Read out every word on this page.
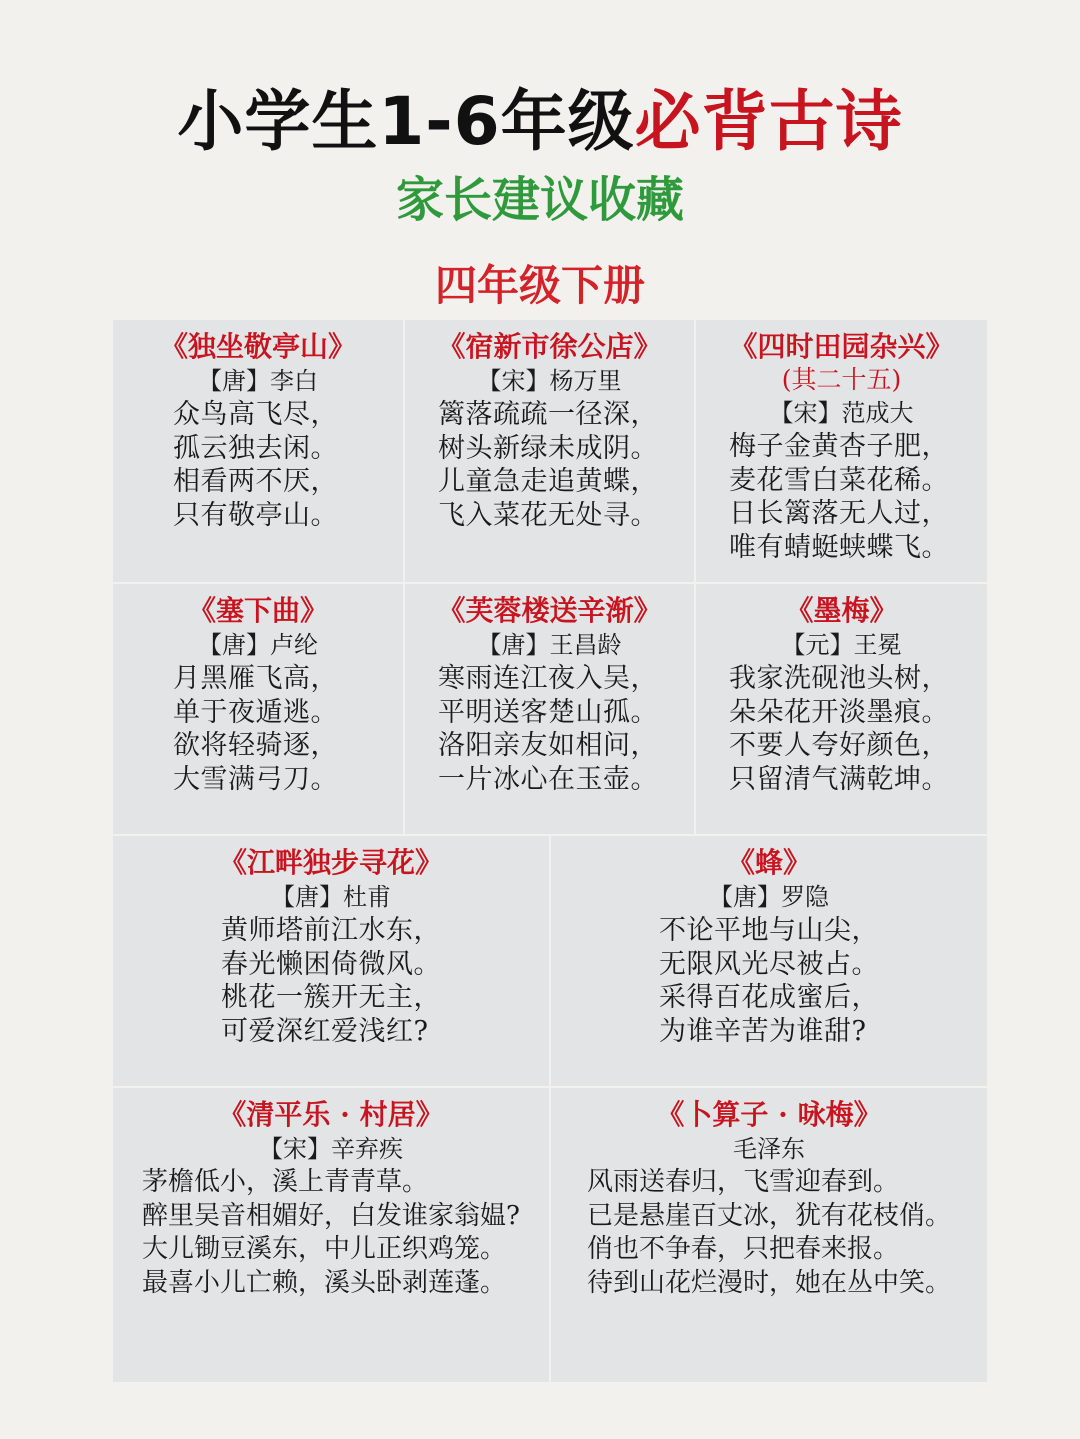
小学生1-6年级必背古诗
家长建议收藏
四年级下册
《独坐敬亭山》
【唐】李白
众鸟高飞尽，
孤云独去闲。
相看两不厌，
只有敬亭山。
《宿新市徐公店》
【宋】杨万里
篱落疏疏一径深，
树头新绿未成阴。
儿童急走追黄蝶，
飞入菜花无处寻。
《四时田园杂兴》
(其二十五)
【宋】范成大
梅子金黄杏子肥，
麦花雪白菜花稀。
日长篱落无人过，
唯有蜻蜓蛱蝶飞。
《塞下曲》
【唐】卢纶
月黑雁飞高，
单于夜遁逃。
欲将轻骑逐，
大雪满弓刀。
《芙蓉楼送辛渐》
【唐】王昌龄
寒雨连江夜入吴，
平明送客楚山孤。
洛阳亲友如相问，
一片冰心在玉壶。
《墨梅》
【元】王冕
我家洗砚池头树，
朵朵花开淡墨痕。
不要人夸好颜色，
只留清气满乾坤。
《江畔独步寻花》
【唐】杜甫
黄师塔前江水东，
春光懒困倚微风。
桃花一簇开无主，
可爱深红爱浅红?
《蜂》
【唐】罗隐
不论平地与山尖，
无限风光尽被占。
采得百花成蜜后，
为谁辛苦为谁甜?
《清平乐 · 村居》
【宋】辛弃疾
茅檐低小，溪上青青草。
醉里吴音相媚好，白发谁家翁媪?
大儿锄豆溪东，中儿正织鸡笼。
最喜小儿亡赖，溪头卧剥莲蓬。
《卜算子 · 咏梅》
毛泽东
风雨送春归，飞雪迎春到。
已是悬崖百丈冰，犹有花枝俏。
俏也不争春，只把春来报。
待到山花烂漫时，她在丛中笑。
